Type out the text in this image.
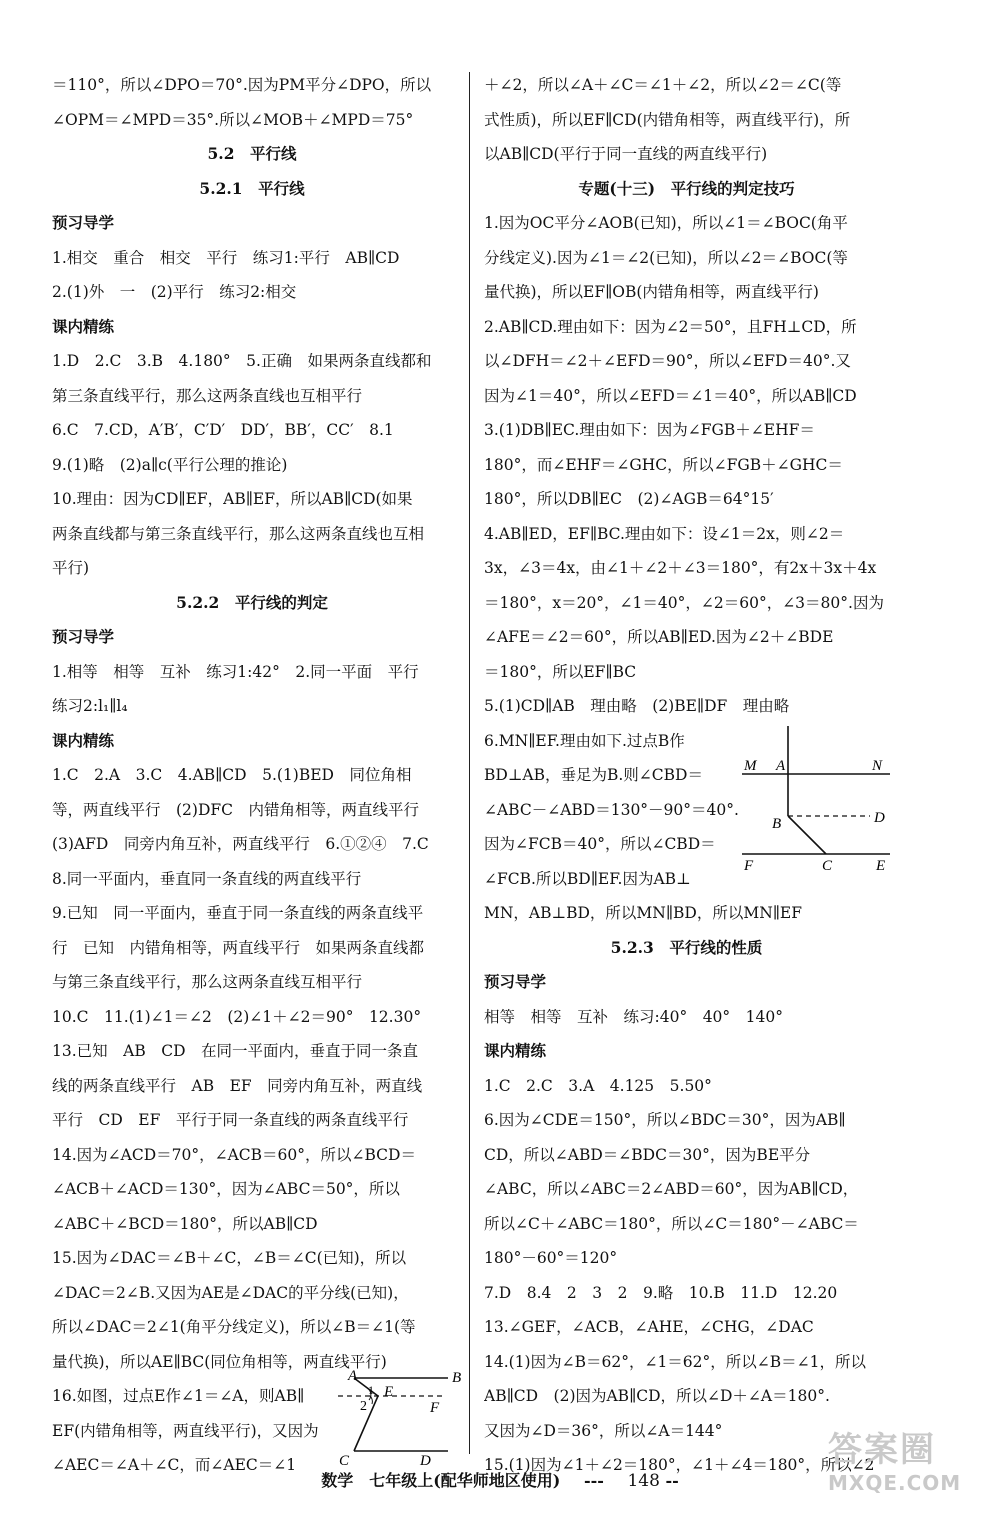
＝110°，所以∠DPO＝70°.因为PM平分∠DPO，所以
∠OPM＝∠MPD＝35°.所以∠MOB＋∠MPD＝75°
5.2　平行线
5.2.1　平行线
预习导学
1.相交　重合　相交　平行　练习1:平行　AB∥CD
2.(1)外　一　(2)平行　练习2:相交
课内精练
1.D　2.C　3.B　4.180°　5.正确　如果两条直线都和
第三条直线平行，那么这两条直线也互相平行
6.C　7.CD，A′B′，C′D′　DD′，BB′，CC′　8.1
9.(1)略　(2)a∥c(平行公理的推论)
10.理由：因为CD∥EF，AB∥EF，所以AB∥CD(如果
两条直线都与第三条直线平行，那么这两条直线也互相
平行)
5.2.2　平行线的判定
预习导学
1.相等　相等　互补　练习1:42°　2.同一平面　平行
练习2:l₁∥l₄
课内精练
1.C　2.A　3.C　4.AB∥CD　5.(1)BED　同位角相
等，两直线平行　(2)DFC　内错角相等，两直线平行
(3)AFD　同旁内角互补，两直线平行　6.①②④　7.C
8.同一平面内，垂直同一条直线的两直线平行
9.已知　同一平面内，垂直于同一条直线的两条直线平
行　已知　内错角相等，两直线平行　如果两条直线都
与第三条直线平行，那么这两条直线互相平行
10.C　11.(1)∠1＝∠2　(2)∠1＋∠2＝90°　12.30°
13.已知　AB　CD　在同一平面内，垂直于同一条直
线的两条直线平行　AB　EF　同旁内角互补，两直线
平行　CD　EF　平行于同一条直线的两条直线平行
14.因为∠ACD＝70°，∠ACB＝60°，所以∠BCD＝
∠ACB＋∠ACD＝130°，因为∠ABC＝50°，所以
∠ABC＋∠BCD＝180°，所以AB∥CD
15.因为∠DAC＝∠B＋∠C，∠B＝∠C(已知)，所以
∠DAC＝2∠B.又因为AE是∠DAC的平分线(已知)，
所以∠DAC＝2∠1(角平分线定义)，所以∠B＝∠1(等
量代换)，所以AE∥BC(同位角相等，两直线平行)
16.如图，过点E作∠1＝∠A，则AB∥
EF(内错角相等，两直线平行)，又因为
∠AEC＝∠A＋∠C，而∠AEC＝∠1
＋∠2，所以∠A＋∠C＝∠1＋∠2，所以∠2＝∠C(等
式性质)，所以EF∥CD(内错角相等，两直线平行)，所
以AB∥CD(平行于同一直线的两直线平行)
专题(十三)　平行线的判定技巧
1.因为OC平分∠AOB(已知)，所以∠1＝∠BOC(角平
分线定义).因为∠1＝∠2(已知)，所以∠2＝∠BOC(等
量代换)，所以EF∥OB(内错角相等，两直线平行)
2.AB∥CD.理由如下：因为∠2＝50°，且FH⊥CD，所
以∠DFH＝∠2＋∠EFD＝90°，所以∠EFD＝40°.又
因为∠1＝40°，所以∠EFD＝∠1＝40°，所以AB∥CD
3.(1)DB∥EC.理由如下：因为∠FGB＋∠EHF＝
180°，而∠EHF＝∠GHC，所以∠FGB＋∠GHC＝
180°，所以DB∥EC　(2)∠AGB＝64°15′
4.AB∥ED，EF∥BC.理由如下：设∠1＝2x，则∠2＝
3x，∠3＝4x，由∠1＋∠2＋∠3＝180°，有2x＋3x＋4x
＝180°，x＝20°，∠1＝40°，∠2＝60°，∠3＝80°.因为
∠AFE＝∠2＝60°，所以AB∥ED.因为∠2＋∠BDE
＝180°，所以EF∥BC
5.(1)CD∥AB　理由略　(2)BE∥DF　理由略
6.MN∥EF.理由如下.过点B作
BD⊥AB，垂足为B.则∠CBD＝
∠ABC－∠ABD＝130°－90°＝40°.
因为∠FCB＝40°，所以∠CBD＝
∠FCB.所以BD∥EF.因为AB⊥
MN，AB⊥BD，所以MN∥BD，所以MN∥EF
5.2.3　平行线的性质
预习导学
相等　相等　互补　练习:40°　40°　140°
课内精练
1.C　2.C　3.A　4.125　5.50°
6.因为∠CDE＝150°，所以∠BDC＝30°，因为AB∥
CD，所以∠ABD＝∠BDC＝30°，因为BE平分
∠ABC，所以∠ABC＝2∠ABD＝60°，因为AB∥CD，
所以∠C＋∠ABC＝180°，所以∠C＝180°－∠ABC＝
180°－60°＝120°
7.D　8.4　2　3　2　9.略　10.B　11.D　12.20
13.∠GEF，∠ACB，∠AHE，∠CHG，∠DAC
14.(1)因为∠B＝62°，∠1＝62°，所以∠B＝∠1，所以
AB∥CD　(2)因为AB∥CD，所以∠D＋∠A＝180°.
又因为∠D＝36°，所以∠A＝144°
15.(1)因为∠1＋∠2＝180°，∠1＋∠4＝180°，所以∠2
A	B
E
F
C	D
1
2
M A	N
B	D
F	C	E
数学　七年级上(配华师地区使用) --- 148 --
答案圈
MXQE.COM
